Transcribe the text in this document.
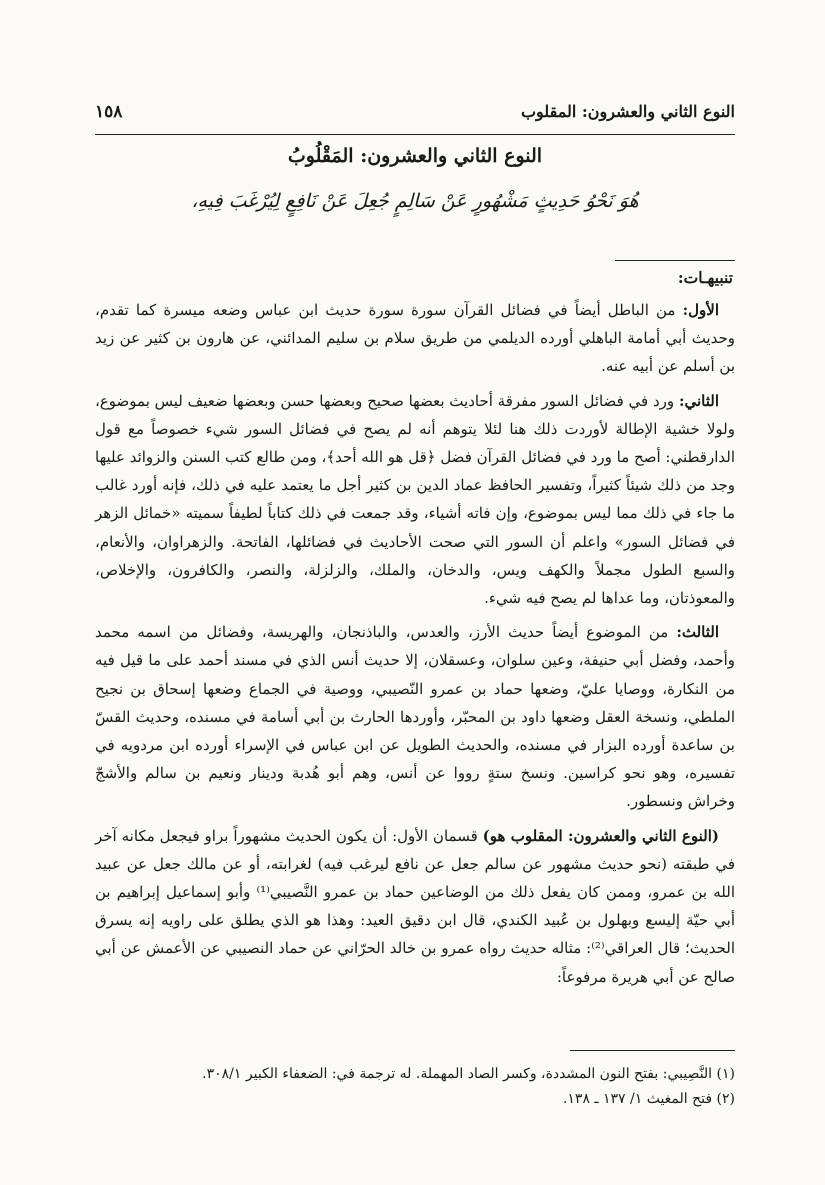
النوع الثاني والعشرون: المقلوب
١٥٨
النوع الثاني والعشرون: المَقْلُوبُ
هُوَ نَحْوُ حَدِيثٍ مَشْهُورٍ عَنْ سَالِمٍ جُعِلَ عَنْ نَافِعٍ لِيُرْغَبَ فِيهِ،
تنبيهـات:

الأول: من الباطل أيضاً في فضائل القرآن سورة سورة حديث ابن عباس وضعه ميسرة كما تقدم، وحديث أبي أمامة الباهلي أورده الديلمي من طريق سلام بن سليم المدائني، عن هارون بن كثير عن زيد بن أسلم عن أبيه عنه.

الثاني: ورد في فضائل السور مفرقة أحاديث بعضها صحيح وبعضها حسن وبعضها ضعيف ليس بموضوع، ولولا خشية الإطالة لأوردت ذلك هنا لئلا يتوهم أنه لم يصح في فضائل السور شيء خصوصاً مع قول الدارقطني: أصح ما ورد في فضائل القرآن فضل ﴿قل هو الله أحد﴾، ومن طالع كتب السنن والزوائد عليها وجد من ذلك شيئاً كثيراً، وتفسير الحافظ عماد الدين بن كثير أجل ما يعتمد عليه في ذلك، فإنه أورد غالب ما جاء في ذلك مما ليس بموضوع، وإن فاته أشياء، وقد جمعت في ذلك كتاباً لطيفاً سميته «خمائل الزهر في فضائل السور» واعلم أن السور التي صحت الأحاديث في فضائلها، الفاتحة. والزهراوان، والأنعام، والسبع الطول مجملاً والكهف ويس، والدخان، والملك، والزلزلة، والنصر، والكافرون، والإخلاص، والمعوذتان، وما عداها لم يصح فيه شيء.

الثالث: من الموضوع أيضاً حديث الأرز، والعدس، والباذنجان، والهريسة، وفضائل من اسمه محمد وأحمد، وفضل أبي حنيفة، وعين سلوان، وعسقلان، إلا حديث أنس الذي في مسند أحمد على ما قيل فيه من النكارة، ووصايا عليّ، وضعها حماد بن عمرو النّصيبي، ووصية في الجماع وضعها إسحاق بن نجيح الملطي، ونسخة العقل وضعها داود بن المحبّر، وأوردها الحارث بن أبي أسامة في مسنده، وحديث القسّ بن ساعدة أورده البزار في مسنده، والحديث الطويل عن ابن عباس في الإسراء أورده ابن مردويه في تفسيره، وهو نحو كراسين. ونسخ ستةٍ رووا عن أنس، وهم أبو هُدبة ودينار ونعيم بن سالم والأشجّ وخراش ونسطور.

(النوع الثاني والعشرون: المقلوب هو) قسمان الأول: أن يكون الحديث مشهوراً براو فيجعل مكانه آخر في طبقته (نحو حديث مشهور عن سالم جعل عن نافع ليرغب فيه) لغرابته، أو عن مالك جعل عن عبيد الله بن عمرو، وممن كان يفعل ذلك من الوضاعين حماد بن عمرو النَّصيبي⁽¹⁾ وأبو إسماعيل إبراهيم بن أبي حيّة إليسع وبهلول بن عُبيد الكندي، قال ابن دقيق العيد: وهذا هو الذي يطلق على راويه إنه يسرق الحديث؛ قال العراقي⁽²⁾: مثاله حديث رواه عمرو بن خالد الحرّاني عن حماد النصيبي عن الأعمش عن أبي صالح عن أبي هريرة مرفوعاً:

(١) النَّصِيبي: بفتح النون المشددة، وكسر الصاد المهملة. له ترجمة في: الضعفاء الكبير ٣٠٨/١.
(٢) فتح المغيث ١/ ١٣٧ ـ ١٣٨.
